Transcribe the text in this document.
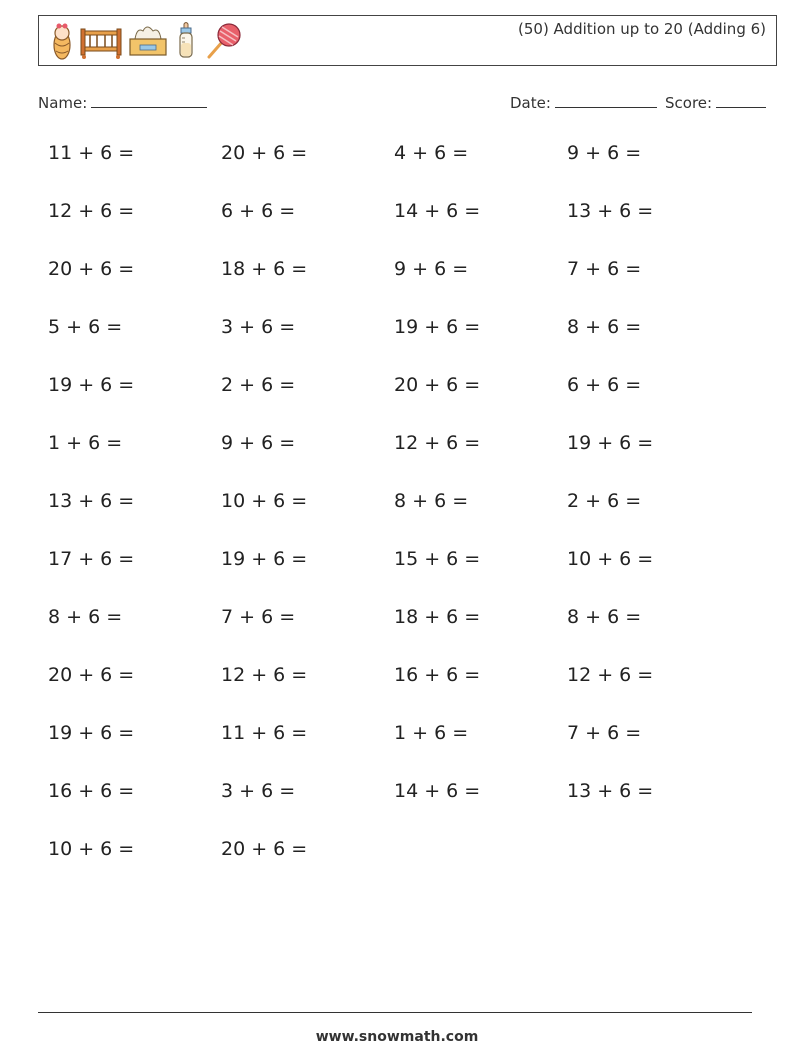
(50) Addition up to 20 (Adding 6)
Name:	Date:	Score:
11 + 6 =	20 + 6 =	4 + 6 =	9 + 6 =
12 + 6 =	6 + 6 =	14 + 6 =	13 + 6 =
20 + 6 =	18 + 6 =	9 + 6 =	7 + 6 =
5 + 6 =	3 + 6 =	19 + 6 =	8 + 6 =
19 + 6 =	2 + 6 =	20 + 6 =	6 + 6 =
1 + 6 =	9 + 6 =	12 + 6 =	19 + 6 =
13 + 6 =	10 + 6 =	8 + 6 =	2 + 6 =
17 + 6 =	19 + 6 =	15 + 6 =	10 + 6 =
8 + 6 =	7 + 6 =	18 + 6 =	8 + 6 =
20 + 6 =	12 + 6 =	16 + 6 =	12 + 6 =
19 + 6 =	11 + 6 =	1 + 6 =	7 + 6 =
16 + 6 =	3 + 6 =	14 + 6 =	13 + 6 =
10 + 6 =	20 + 6 =
www.snowmath.com
